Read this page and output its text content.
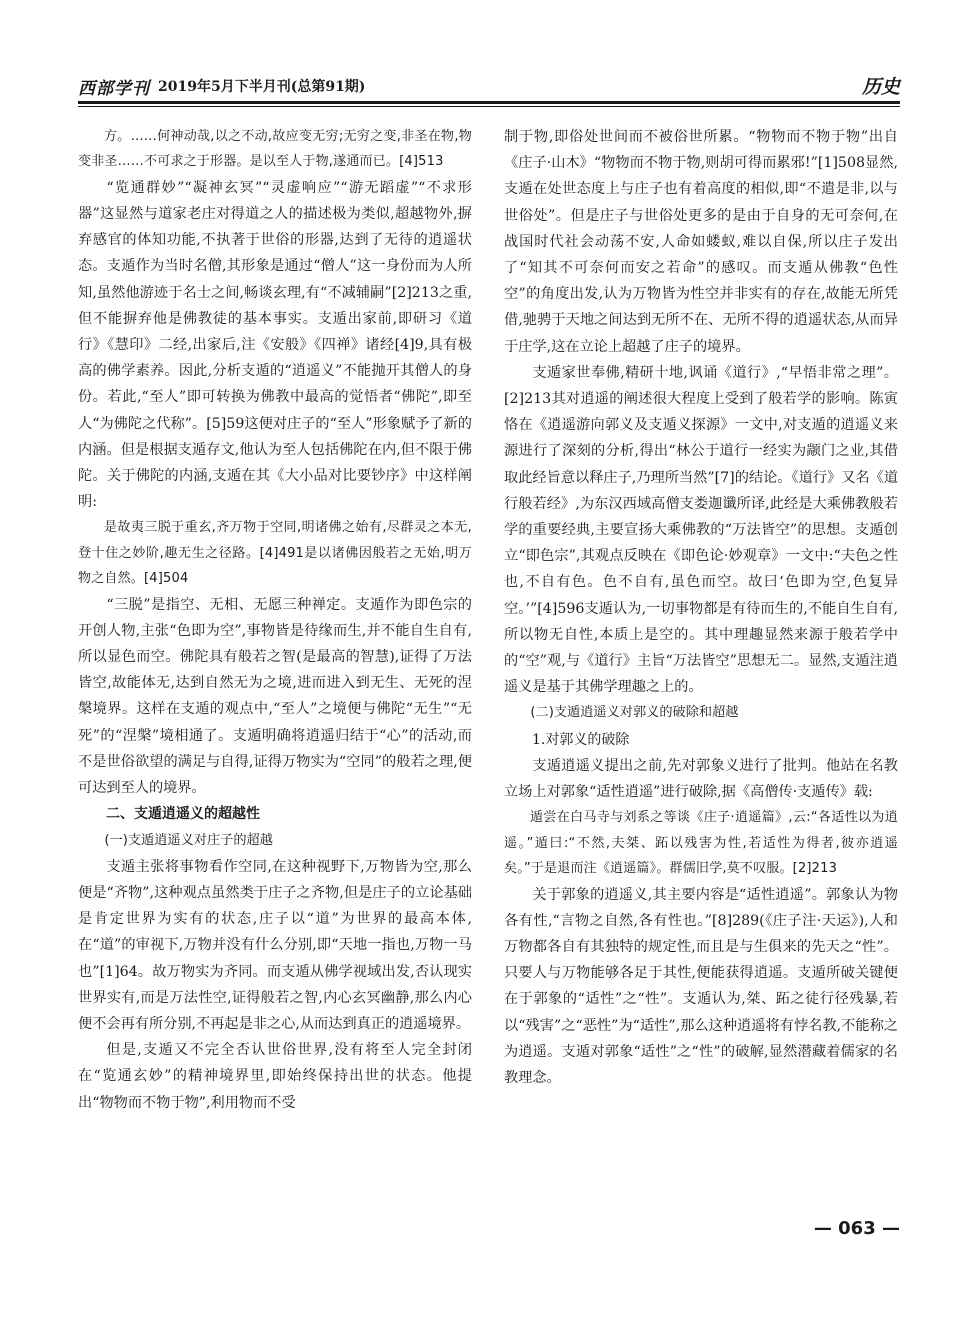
西部学刊 2019年5月下半月刊(总第91期)	历史

方。……何神动哉,以之不动,故应变无穷;无穷之变,非圣在物,物变非圣……不可求之于形器。是以至人于物,遂通而已。[4]513

“览通群妙”“凝神玄冥”“灵虚响应”“游无蹈虚”“不求形器”这显然与道家老庄对得道之人的描述极为类似,超越物外,摒弃感官的体知功能,不执著于世俗的形器,达到了无待的逍遥状态。支遁作为当时名僧,其形象是通过“僧人”这一身份而为人所知,虽然他游迹于名士之间,畅谈玄理,有“不减辅嗣”[2]213之重,但不能摒弃他是佛教徒的基本事实。支遁出家前,即研习《道行》《慧印》二经,出家后,注《安般》《四禅》诸经[4]9,具有极高的佛学素养。因此,分析支遁的“逍遥义”不能抛开其僧人的身份。若此,“至人”即可转换为佛教中最高的觉悟者“佛陀”,即至人“为佛陀之代称”。[5]59这便对庄子的“至人”形象赋予了新的内涵。但是根据支遁存文,他认为至人包括佛陀在内,但不限于佛陀。关于佛陀的内涵,支遁在其《大小品对比要钞序》中这样阐明:

是故夷三脱于重玄,齐万物于空同,明诸佛之始有,尽群灵之本无,登十住之妙阶,趣无生之径路。[4]491是以诸佛因般若之无始,明万物之自然。[4]504

“三脱”是指空、无相、无愿三种禅定。支遁作为即色宗的开创人物,主张“色即为空”,事物皆是待缘而生,并不能自生自有,所以显色而空。佛陀具有般若之智(是最高的智慧),证得了万法皆空,故能体无,达到自然无为之境,进而进入到无生、无死的涅槃境界。这样在支遁的观点中,“至人”之境便与佛陀“无生”“无死”的“涅槃”境相通了。支遁明确将逍遥归结于“心”的活动,而不是世俗欲望的满足与自得,证得万物实为“空同”的般若之理,便可达到至人的境界。

二、支遁逍遥义的超越性

(一)支遁逍遥义对庄子的超越

支遁主张将事物看作空同,在这种视野下,万物皆为空,那么便是“齐物”,这种观点虽然类于庄子之齐物,但是庄子的立论基础是肯定世界为实有的状态,庄子以“道”为世界的最高本体,在“道”的审视下,万物并没有什么分别,即“天地一指也,万物一马也”[1]64。故万物实为齐同。而支遁从佛学视域出发,否认现实世界实有,而是万法性空,证得般若之智,内心玄冥幽静,那么内心便不会再有所分别,不再起是非之心,从而达到真正的逍遥境界。

但是,支遁又不完全否认世俗世界,没有将至人完全封闭在“览通玄妙”的精神境界里,即始终保持出世的状态。他提出“物物而不物于物”,利用物而不受

制于物,即俗处世间而不被俗世所累。“物物而不物于物”出自《庄子·山木》“物物而不物于物,则胡可得而累邪!”[1]508显然,支遁在处世态度上与庄子也有着高度的相似,即“不遣是非,以与世俗处”。但是庄子与世俗处更多的是由于自身的无可奈何,在战国时代社会动荡不安,人命如蝼蚁,难以自保,所以庄子发出了“知其不可奈何而安之若命”的感叹。而支遁从佛教“色性空”的角度出发,认为万物皆为性空并非实有的存在,故能无所凭借,驰骋于天地之间达到无所不在、无所不得的逍遥状态,从而异于庄学,这在立论上超越了庄子的境界。

支遁家世奉佛,精研十地,讽诵《道行》,“早悟非常之理”。[2]213其对逍遥的阐述很大程度上受到了般若学的影响。陈寅恪在《逍遥游向郭义及支遁义探源》一文中,对支遁的逍遥义来源进行了深刻的分析,得出“林公于道行一经实为颛门之业,其借取此经旨意以释庄子,乃理所当然”[7]的结论。《道行》又名《道行般若经》,为东汉西域高僧支娄迦谶所译,此经是大乘佛教般若学的重要经典,主要宣扬大乘佛教的“万法皆空”的思想。支遁创立“即色宗”,其观点反映在《即色论·妙观章》一文中:“夫色之性也,不自有色。色不自有,虽色而空。故曰‘色即为空,色复异空。’”[4]596支遁认为,一切事物都是有待而生的,不能自生自有,所以物无自性,本质上是空的。其中理趣显然来源于般若学中的“空”观,与《道行》主旨“万法皆空”思想无二。显然,支遁注逍遥义是基于其佛学理趣之上的。

(二)支遁逍遥义对郭义的破除和超越

1.对郭义的破除

支遁逍遥义提出之前,先对郭象义进行了批判。他站在名教立场上对郭象“适性逍遥”进行破除,据《高僧传·支遁传》载:

遁尝在白马寺与刘系之等谈《庄子·逍遥篇》,云:“各适性以为逍遥。”遁曰:“不然,夫桀、跖以残害为性,若适性为得者,彼亦逍遥矣。”于是退而注《逍遥篇》。群儒旧学,莫不叹服。[2]213

关于郭象的逍遥义,其主要内容是“适性逍遥”。郭象认为物各有性,“言物之自然,各有性也。”[8]289(《庄子注·天运》),人和万物都各自有其独特的规定性,而且是与生俱来的先天之“性”。只要人与万物能够各足于其性,便能获得逍遥。支遁所破关键便在于郭象的“适性”之“性”。支遁认为,桀、跖之徒行径残暴,若以“残害”之“恶性”为“适性”,那么这种逍遥将有悖名教,不能称之为逍遥。支遁对郭象“适性”之“性”的破解,显然潜藏着儒家的名教理念。

— 063 —
